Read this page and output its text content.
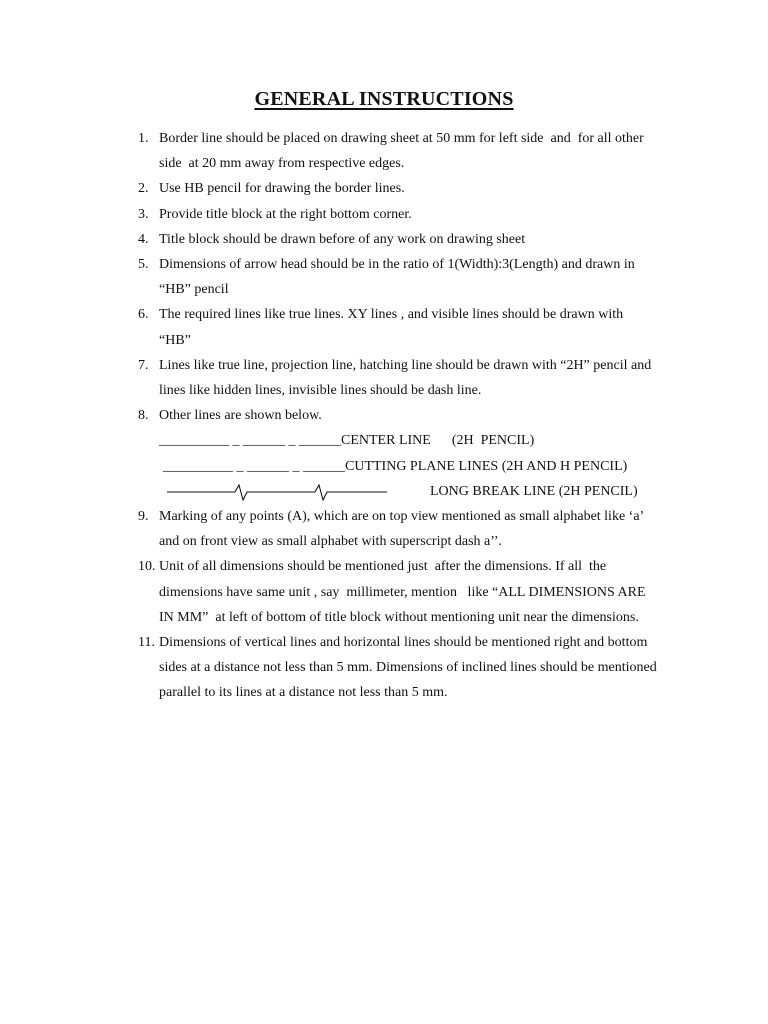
GENERAL INSTRUCTIONS
1. Border line should be placed on drawing sheet at 50 mm for left side  and  for all other side  at 20 mm away from respective edges.
2. Use HB pencil for drawing the border lines.
3. Provide title block at the right bottom corner.
4. Title block should be drawn before of any work on drawing sheet
5. Dimensions of arrow head should be in the ratio of 1(Width):3(Length) and drawn in “HB” pencil
6. The required lines like true lines. XY lines , and visible lines should be drawn with “HB”
7. Lines like true line, projection line, hatching line should be drawn with “2H” pencil and lines like hidden lines, invisible lines should be dash line.
8. Other lines are shown below.
__________ _ ______ _ ______CENTER LINE      (2H  PENCIL)
__________ _ ______ _ ______CUTTING PLANE LINES (2H AND H PENCIL)
LONG BREAK LINE (2H PENCIL)
9. Marking of any points (A), which are on top view mentioned as small alphabet like ‘a’  and on front view as small alphabet with superscript dash a’’.
10. Unit of all dimensions should be mentioned just  after the dimensions. If all  the dimensions have same unit , say  millimeter, mention   like “ALL DIMENSIONS ARE IN MM”  at left of bottom of title block without mentioning unit near the dimensions.
11. Dimensions of vertical lines and horizontal lines should be mentioned right and bottom sides at a distance not less than 5 mm. Dimensions of inclined lines should be mentioned parallel to its lines at a distance not less than 5 mm.
